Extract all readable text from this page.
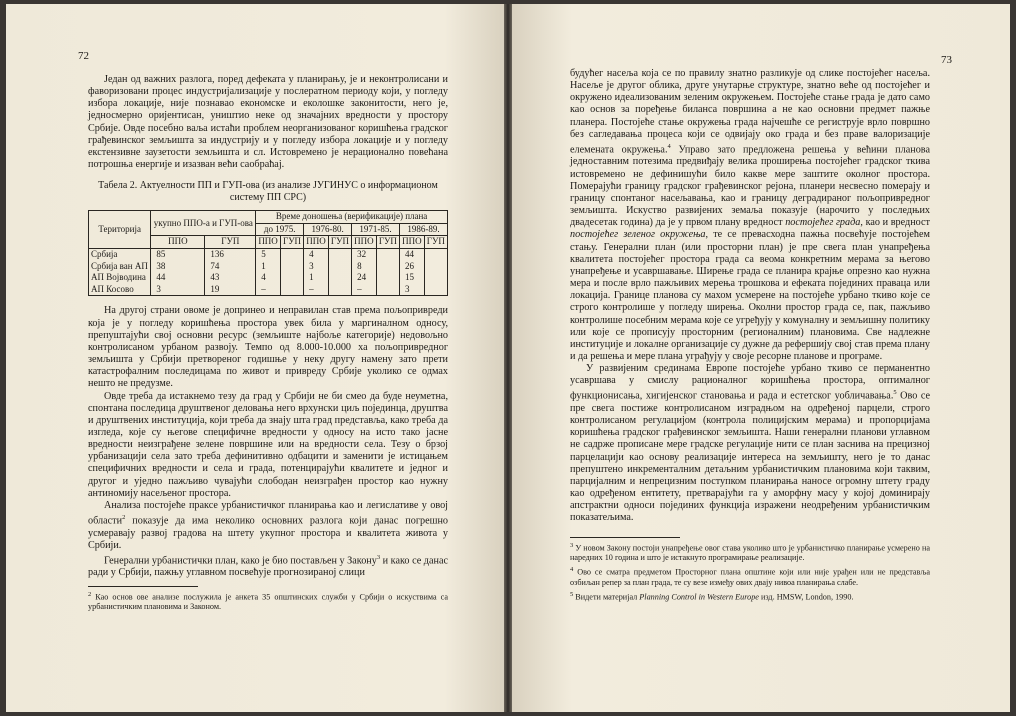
72

Један од важних разлога, поред дефеката у планирању, је и неконтролисани и фаворизовани процес индустријализације у послератном периоду који, у погледу избора локације, није познавао економске и еколошке законитости, него је, једносмерно оријентисан, уништио неке од значајних вредности у простору Србије. Овде посебно ваља истаћи проблем неорганизованог коришћења градског грађевинског земљишта за индустрију и у погледу избора локације и у погледу екстензивне заузетости земљишта и сл. Истовремено је нерационално повећана потрошња енергије и изазван већи саобраћај.

Табела 2. Актуелности ПП и ГУП-ова (из анализе ЈУГИНУС о информационом систему ПП СРС)
Територија	укупно ППО-а и ГУП-ова		Време доношења (верификације) плана							
			до 1975.		1976-80.		1971-85.		1986-89.	
	ППО	ГУП	ППО	ГУП	ППО	ГУП	ППО	ГУП	ППО	ГУП
Србија	85	136	5		4		32		44	
Србија ван АП	38	74	1		3		8		26	
АП Војводина	44	43	4		1		24		15	
АП Косово	3	19	–		–		–		3	

На другој страни овоме је допринео и неправилан став према пољопривреди која је у погледу коришћења простора увек била у маргиналном односу, препуштајући свој основни ресурс (земљиште најбоље категорије) недовољно контролисаном урбаном развоју. Темпо од 8.000-10.000 ха пољопривредног земљишта у Србији претвореног годишње у неку другу намену зато прети катастрофалним последицама по живот и привреду Србије уколико се одмах нешто не предузме.

Овде треба да истакнемо тезу да град у Србији не би смео да буде неуметна, спонтана последица друштвеног деловања него врхунски циљ појединца, друштва и друштвених институција, који треба да знају шта град представља, како треба да изгледа, које су његове специфичне вредности у односу на исто тако јасне вредности неизграђене зелене површине или на вредности села. Тезу о брзој урбанизацији села зато треба дефинитивно одбацити и заменити је истицањем специфичних вредности и села и града, потенцирајући квалитете и једног и другог и уједно пажљиво чувајући слободан неизграђен простор као нужну антиномију насељеног простора.

Анализа постојеће праксе урбанистичког планирања као и легислативе у овој области$^2$ показује да има неколико основних разлога који данас погрешно усмеравају развој градова на штету укупног простора и квалитета живота у Србији.

Генерални урбанистички план, како је био постављен у Закону$^3$ и како се данас ради у Србији, пажњу углавном посвећује прогнозираној слици

$^2$ Као основ ове анализе послужила је анкета 35 општинских служби у Србији о искуствима са урбанистичким плановима и Законом.
73

будућег насеља која се по правилу знатно разликује од слике постојећег насеља. Насеље је другог облика, друге унутарње структуре, знатно веће од постојећег и окружено идеализованим зеленим окружењем. Постојеће стање града је дато само као основ за поређење биланса површина а не као основни предмет пажње планера. Постојеће стање окружења града најчешће се региструје врло површно без сагледавања процеса који се одвијају око града и без праве валоризације елемената окружења.$^4$ Управо зато предложена решења у већини планова једноставним потезима предвиђају велика проширења постојећег градског ткива истовремено не дефинишући било какве мере заштите околног простора. Померајући границу градског грађевинског рејона, планери несвесно померају и границу спонтаног насељавања, као и границу деградираног пољопривредног земљишта. Искуство развијених земаља показује (нарочито у последњих двадесетак година) да је у првом плану вредност постојећег града, као и вредност постојећег зеленог окружења, те се превасходна пажња посвећује постојећем стању. Генерални план (или просторни план) је пре свега план унапређења квалитета постојећег простора града са веома конкретним мерама за његово унапређење и усавршавање. Ширење града се планира крајње опрезно као нужна мера и после врло пажљивих мерења трошкова и ефеката појединих праваца или локација. Границе планова су махом усмерене на постојеће урбано ткиво које се строго контролише у погледу ширења. Околни простор града се, пак, пажљиво контролише посебним мерама које се угређују у комуналну и земљишну политику или које се прописују просторним (регионалним) плановима. Све надлежне институције и локалне организације су дужне да рефершију свој став према плану и да решења и мере плана уграђују у своје ресорне планове и програме.

У развијеним срединама Европе постојеће урбано ткиво се перманентно усавршава у смислу рационалног коришћења простора, оптималног функционисања, хигијенског становања и рада и естетског уобличавања.$^5$ Ово се пре свега постиже контролисаном изградњом на одређеној парцели, строго контролисаном регулацијом (контрола полицијским мерама) и пропорцијама коришћења градског грађевинског земљишта. Наши генерални планови углавном не садрже прописане мере градске регулације нити се план заснива на прецизној парцелацији као основу реализације интереса на земљишту, него је то данас препуштено инкременталним детаљним урбанистичким плановима који таквим, парцијалним и непрецизним поступком планирања наносе огромну штету граду као одређеном ентитету, претварајући га у аморфну масу у којој доминирају апстрактни односи појединих функција изражени неодређеним урбанистичким показатељима.

$^3$ У новом Закону постоји унапређење овог става уколико што је урбанистичко планирање усмерено на наредних 10 година и што је истакнуто програмирање реализације.
$^4$ Ово се сматра предметом Просторног плана општине који или није урађен или не представља озбиљан репер за план града, те су везе између ових двају нивоа планирања слабе.
$^5$ Видети материјал Planning Control in Western Europe изд. HMSW, London, 1990.
